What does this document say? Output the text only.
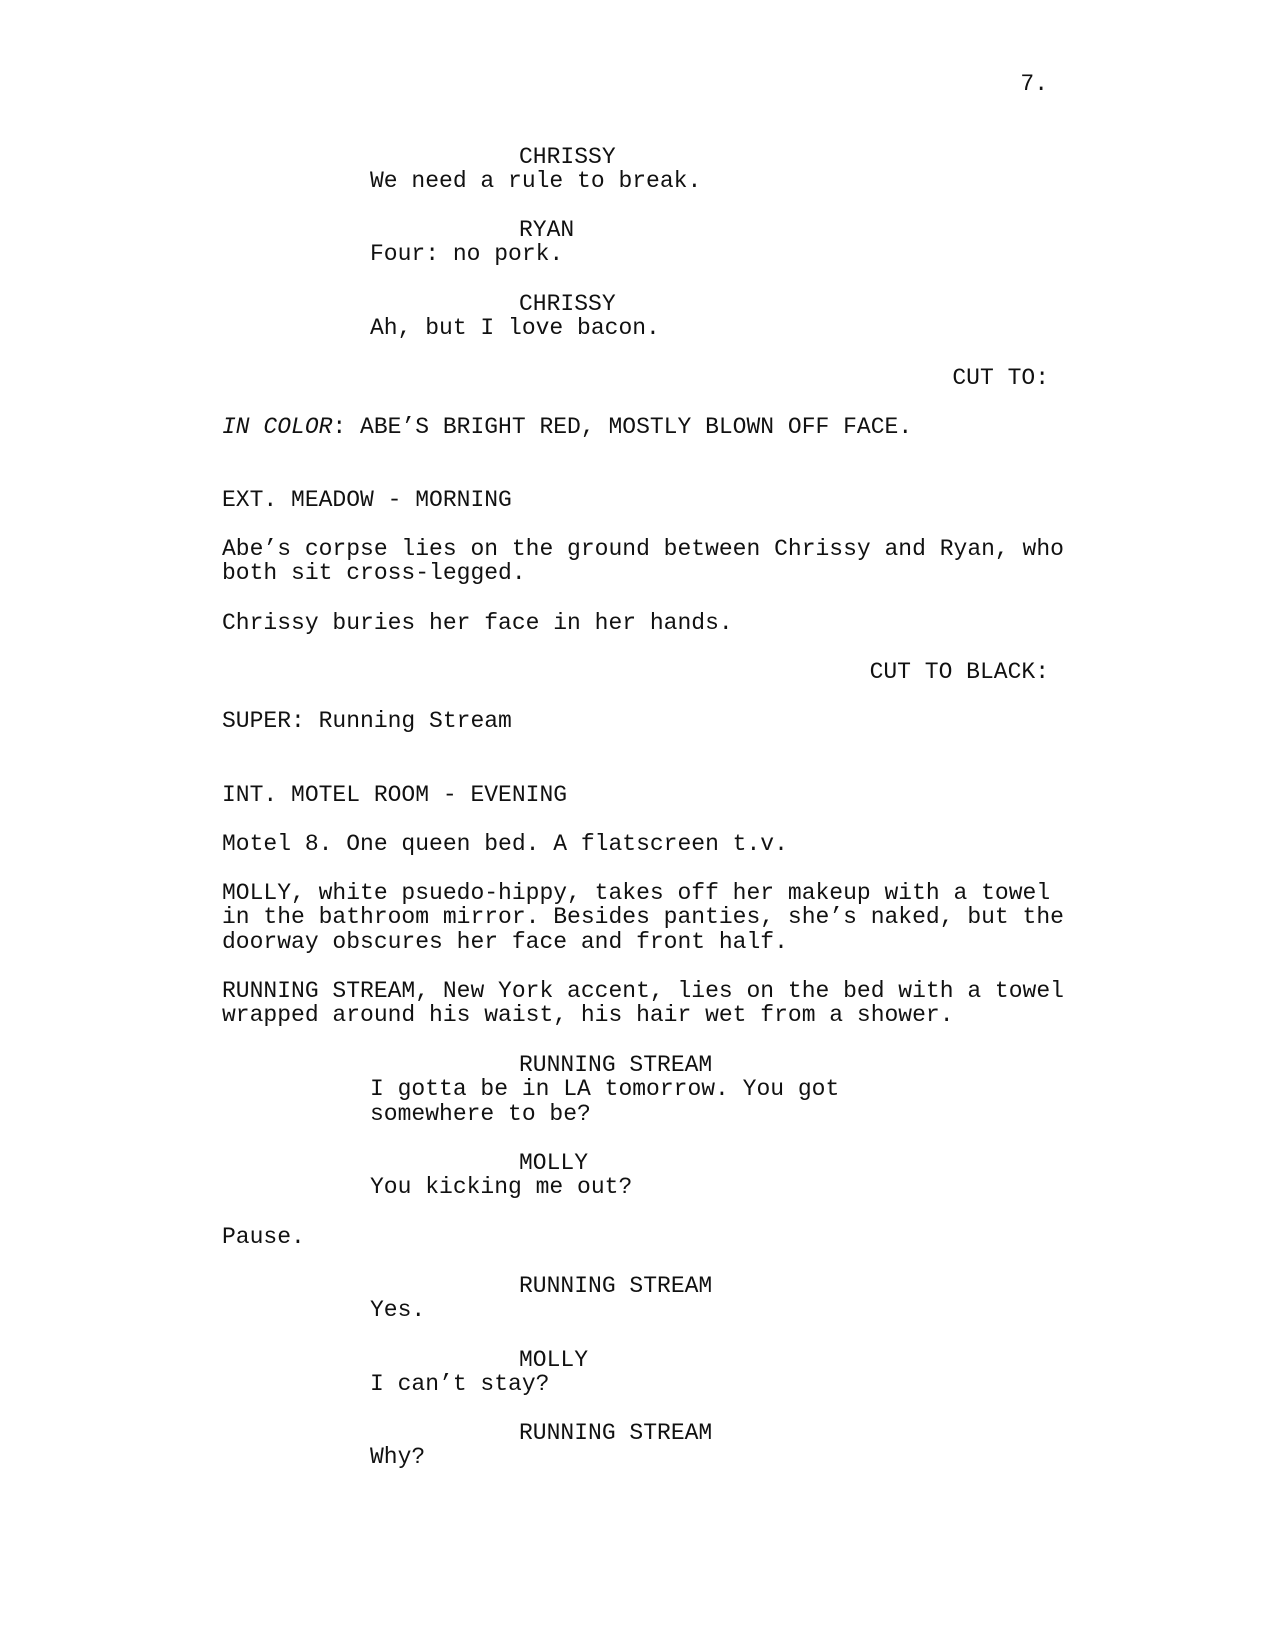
7.
CHRISSY
We need a rule to break.
RYAN
Four: no pork.
CHRISSY
Ah, but I love bacon.
CUT TO:
IN COLOR: ABE’S BRIGHT RED, MOSTLY BLOWN OFF FACE.
EXT. MEADOW - MORNING
Abe’s corpse lies on the ground between Chrissy and Ryan, who
both sit cross-legged.
Chrissy buries her face in her hands.
CUT TO BLACK:
SUPER: Running Stream
INT. MOTEL ROOM - EVENING
Motel 8. One queen bed. A flatscreen t.v.
MOLLY, white psuedo-hippy, takes off her makeup with a towel
in the bathroom mirror. Besides panties, she’s naked, but the
doorway obscures her face and front half.
RUNNING STREAM, New York accent, lies on the bed with a towel
wrapped around his waist, his hair wet from a shower.
RUNNING STREAM
I gotta be in LA tomorrow. You got
somewhere to be?
MOLLY
You kicking me out?
Pause.
RUNNING STREAM
Yes.
MOLLY
I can’t stay?
RUNNING STREAM
Why?
